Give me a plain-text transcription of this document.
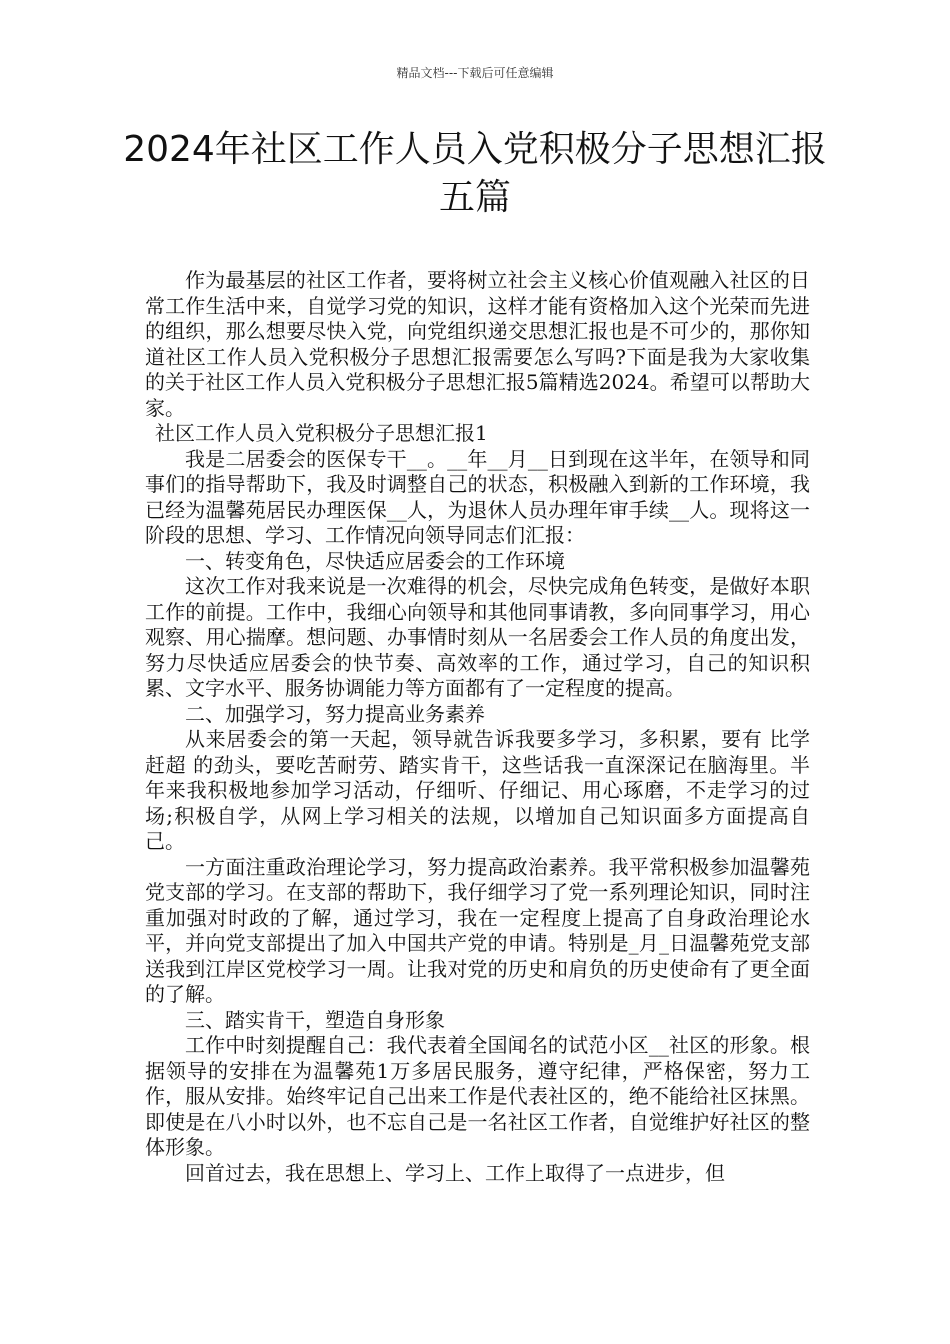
精品文档---下载后可任意编辑
2024年社区工作人员入党积极分子思想汇报五篇

作为最基层的社区工作者，要将树立社会主义核心价值观融入社区的日常工作生活中来，自觉学习党的知识，这样才能有资格加入这个光荣而先进的组织，那么想要尽快入党，向党组织递交思想汇报也是不可少的，那你知道社区工作人员入党积极分子思想汇报需要怎么写吗?下面是我为大家收集的关于社区工作人员入党积极分子思想汇报5篇精选2024。希望可以帮助大家。

社区工作人员入党积极分子思想汇报1

我是二居委会的医保专干__。__年__月__日到现在这半年，在领导和同事们的指导帮助下，我及时调整自己的状态，积极融入到新的工作环境，我已经为温馨苑居民办理医保__人，为退休人员办理年审手续__人。现将这一阶段的思想、学习、工作情况向领导同志们汇报：

一、转变角色，尽快适应居委会的工作环境

这次工作对我来说是一次难得的机会，尽快完成角色转变，是做好本职工作的前提。工作中，我细心向领导和其他同事请教，多向同事学习，用心观察、用心揣摩。想问题、办事情时刻从一名居委会工作人员的角度出发，努力尽快适应居委会的快节奏、高效率的工作，通过学习，自己的知识积累、文字水平、服务协调能力等方面都有了一定程度的提高。

二、加强学习，努力提高业务素养

从来居委会的第一天起，领导就告诉我要多学习，多积累，要有 比学赶超 的劲头，要吃苦耐劳、踏实肯干，这些话我一直深深记在脑海里。半年来我积极地参加学习活动，仔细听、仔细记、用心琢磨，不走学习的过场;积极自学，从网上学习相关的法规，以增加自己知识面多方面提高自己。

一方面注重政治理论学习，努力提高政治素养。我平常积极参加温馨苑党支部的学习。在支部的帮助下，我仔细学习了党一系列理论知识，同时注重加强对时政的了解，通过学习，我在一定程度上提高了自身政治理论水平，并向党支部提出了加入中国共产党的申请。特别是_月_日温馨苑党支部送我到江岸区党校学习一周。让我对党的历史和肩负的历史使命有了更全面的了解。

三、踏实肯干，塑造自身形象

工作中时刻提醒自己：我代表着全国闻名的试范小区__社区的形象。根据领导的安排在为温馨苑1万多居民服务，遵守纪律，严格保密，努力工作，服从安排。始终牢记自己出来工作是代表社区的，绝不能给社区抹黑。即使是在八小时以外，也不忘自己是一名社区工作者，自觉维护好社区的整体形象。

回首过去，我在思想上、学习上、工作上取得了一点进步，但
